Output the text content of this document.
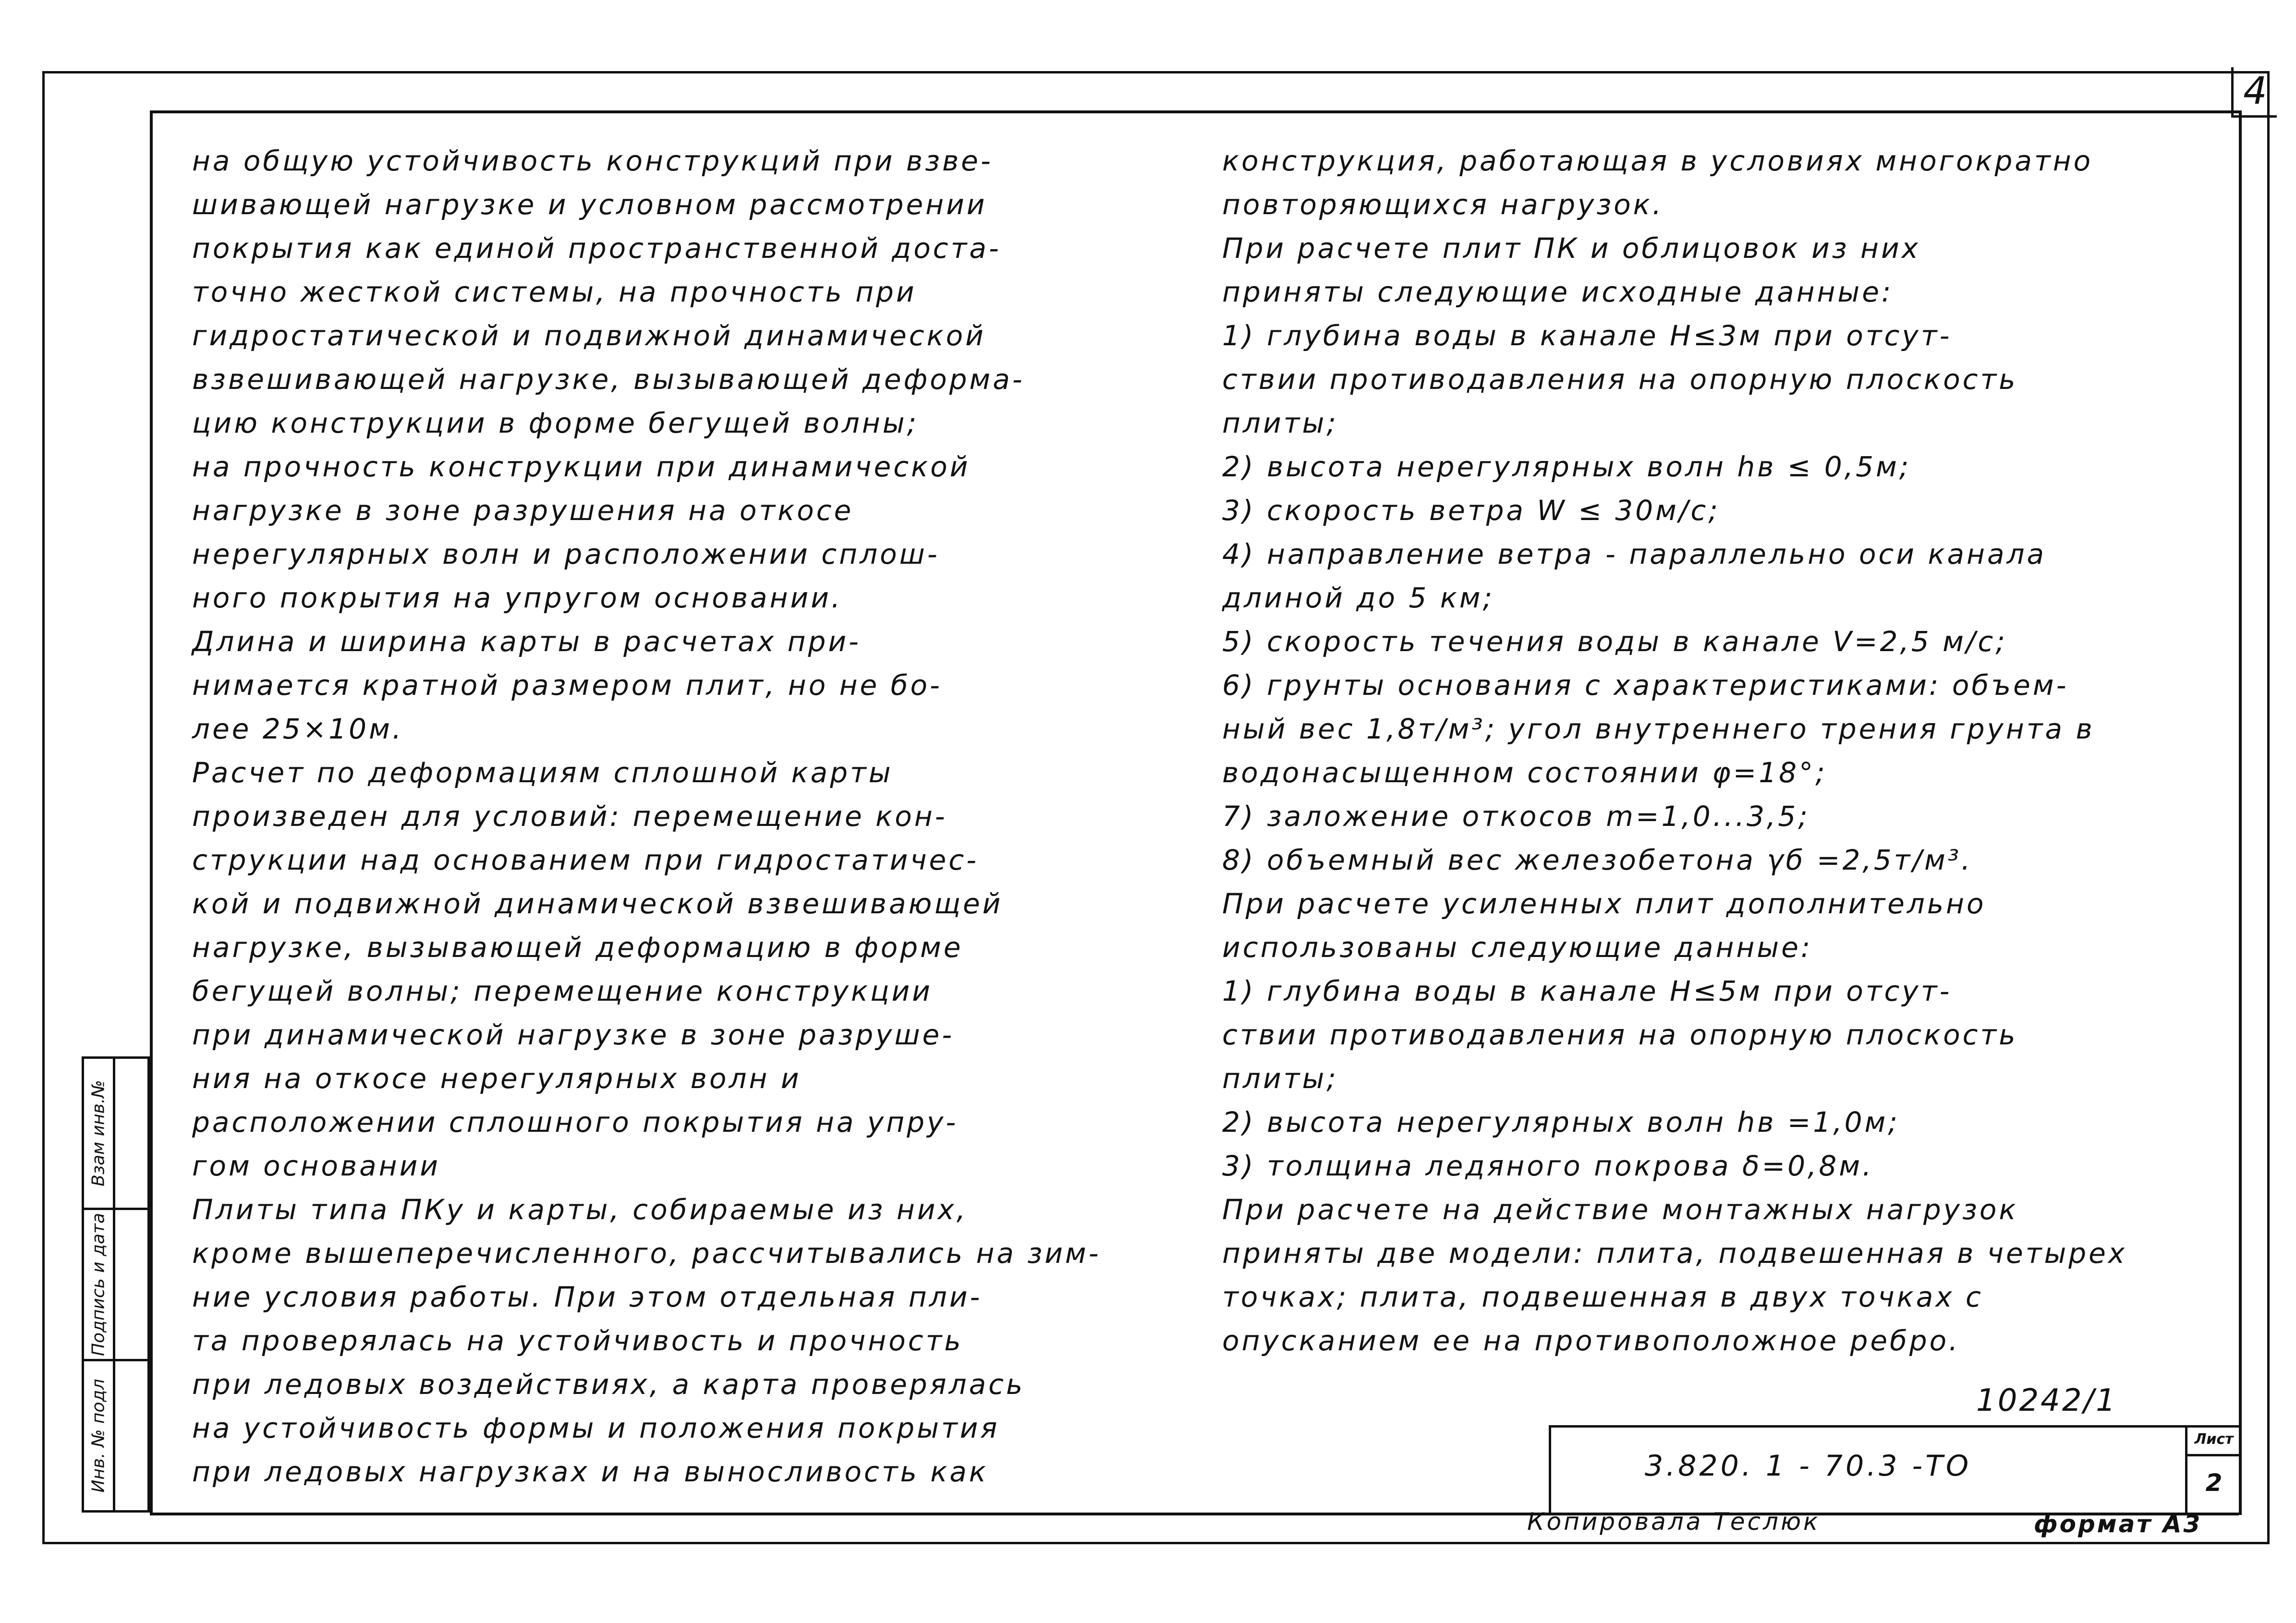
4

на общую устойчивость конструкций при взве-

шивающей нагрузке и условном рассмотрении

покрытия как единой пространственной доста-

точно жесткой системы, на прочность при

гидростатической и подвижной динамической

взвешивающей нагрузке, вызывающей деформа-

цию конструкции в форме бегущей волны;

на прочность конструкции при динамической

нагрузке в зоне разрушения на откосе

нерегулярных волн и расположении сплош-

ного покрытия на упругом основании.

Длина и ширина карты в расчетах при-

нимается кратной размером плит, но не бо-

лее 25×10м.

Расчет по деформациям сплошной карты

произведен для условий: перемещение кон-

струкции над основанием при гидростатичес-

кой и подвижной динамической взвешивающей

нагрузке, вызывающей деформацию в форме

бегущей волны; перемещение конструкции

при динамической нагрузке в зоне разруше-

ния на откосе нерегулярных волн и

расположении сплошного покрытия на упру-

гом основании

Плиты типа ПКу и карты, собираемые из них,

кроме вышеперечисленного, рассчитывались на зим-

ние условия работы. При этом отдельная пли-

та проверялась на устойчивость и прочность

при ледовых воздействиях, а карта проверялась

на устойчивость формы и положения покрытия

при ледовых нагрузках и на выносливость как

конструкция, работающая в условиях многократно

повторяющихся нагрузок.

При расчете плит ПК и облицовок из них

приняты следующие исходные данные:

1) глубина воды в канале H≤3м при отсут-

ствии противодавления на опорную плоскость

плиты;

2) высота нерегулярных волн hв ≤ 0,5м;

3) скорость ветра W ≤ 30м/с;

4) направление ветра - параллельно оси канала

длиной до 5 км;

5) скорость течения воды в канале V=2,5 м/с;

6) грунты основания с характеристиками: объем-

ный вес 1,8т/м³; угол внутреннего трения грунта в

водонасыщенном состоянии φ=18°;

7) заложение откосов m=1,0...3,5;

8) объемный вес железобетона γб =2,5т/м³.

При расчете усиленных плит дополнительно

использованы следующие данные:

1) глубина воды в канале H≤5м при отсут-

ствии противодавления на опорную плоскость

плиты;

2) высота нерегулярных волн hв =1,0м;

3) толщина ледяного покрова δ=0,8м.

При расчете на действие монтажных нагрузок

приняты две модели: плита, подвешенная в четырех

точках; плита, подвешенная в двух точках с

опусканием ее на противоположное ребро.

Взам инв.№
Подпись и дата
Инв. № подл	10242/1
3.820. 1 - 70.3 -ТО
Лист
2
Копировала Теслюк	формат А3
